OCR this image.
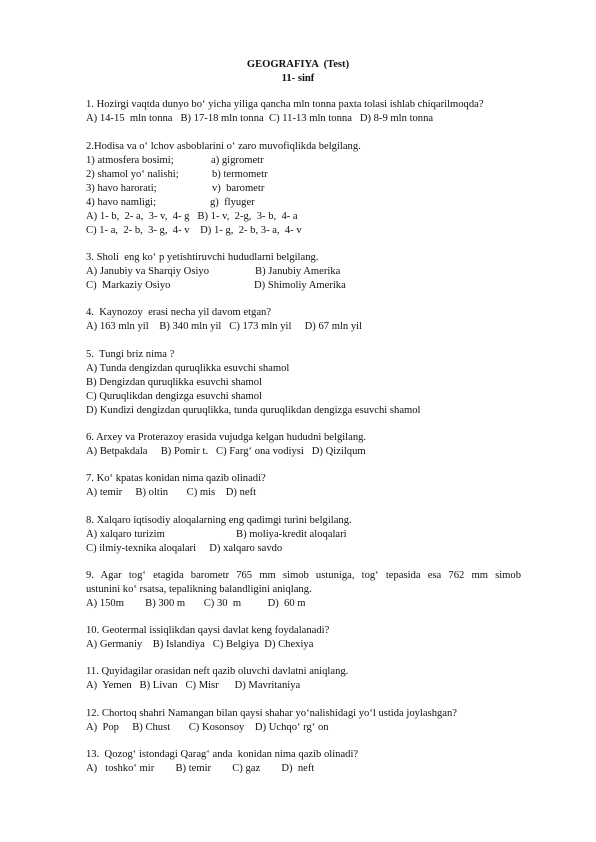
GEOGRAFIYA  (Test)
11- sinf
1. Hozirgi vaqtda dunyo bo‘ yicha yiliga qancha mln tonna paxta tolasi ishlab chiqarilmoqda?
A) 14-15  mln tonna   B) 17-18 mln tonna  C) 11-13 mln tonna   D) 8-9 mln tonna
2.Hodisa va o‘ lchov asboblarini o‘ zaro muvofiqlikda belgilang.
1) atmosfera bosimi;	a) gigrometr
2) shamol yo‘ nalishi;	b) termometr
3) havo harorati;	v)  barometr
4) havo namligi;	g)  flyuger
A) 1- b,  2- a,  3- v,  4- g   B) 1- v,  2-g,  3- b,  4- a
C) 1- a,  2- b,  3- g,  4- v    D) 1- g,  2- b, 3- a,  4- v
3. Sholi  eng ko‘ p yetishtiruvchi hududlarni belgilang.
A) Janubiy va Sharqiy Osiyo	B) Janubiy Amerika
C)  Markaziy Osiyo	D) Shimoliy Amerika
4.  Kaynozoy  erasi necha yil davom etgan?
A) 163 mln yil    B) 340 mln yil   C) 173 mln yil     D) 67 mln yil
5.  Tungi briz nima ?
A) Tunda dengizdan quruqlikka esuvchi shamol
B) Dengizdan quruqlikka esuvchi shamol
C) Quruqlikdan dengizga esuvchi shamol
D) Kundizi dengizdan quruqlikka, tunda quruqlikdan dengizga esuvchi shamol
6. Arxey va Proterazoy erasida vujudga kelgan hududni belgilang.
A) Betpakdala     B) Pomir t.   C) Farg‘ ona vodiysi   D) Qizilqum
7. Ko‘ kpatas konidan nima qazib olinadi?
A) temir     B) oltin       C) mis    D) neft
8. Xalqaro iqtisodiy aloqalarning eng qadimgi turini belgilang.
A) xalqaro turizim	B) moliya-kredit aloqalari
C) ilmiy-texnika aloqalari     D) xalqaro savdo
9. Agar tog‘ etagida barometr 765 mm simob ustuniga, tog‘ tepasida esa 762 mm simob
ustunini ko‘ rsatsa, tepalikning balandligini aniqlang.
A) 150m        B) 300 m       C) 30  m          D)  60 m
10. Geotermal issiqlikdan qaysi davlat keng foydalanadi?
A) Germaniy    B) Islandiya   C) Belgiya  D) Chexiya
11. Quyidagilar orasidan neft qazib oluvchi davlatni aniqlang.
A)  Yemen   B) Livan   C) Misr      D) Mavritaniya
12. Chortoq shahri Namangan bilan qaysi shahar yo‘nalishidagi yo‘l ustida joylashgan?
A)  Pop     B) Chust       C) Kosonsoy    D) Uchqo‘ rg‘ on
13.  Qozog‘ istondagi Qarag‘ anda  konidan nima qazib olinadi?
A)   toshko‘ mir        B) temir        C) gaz        D)  neft
